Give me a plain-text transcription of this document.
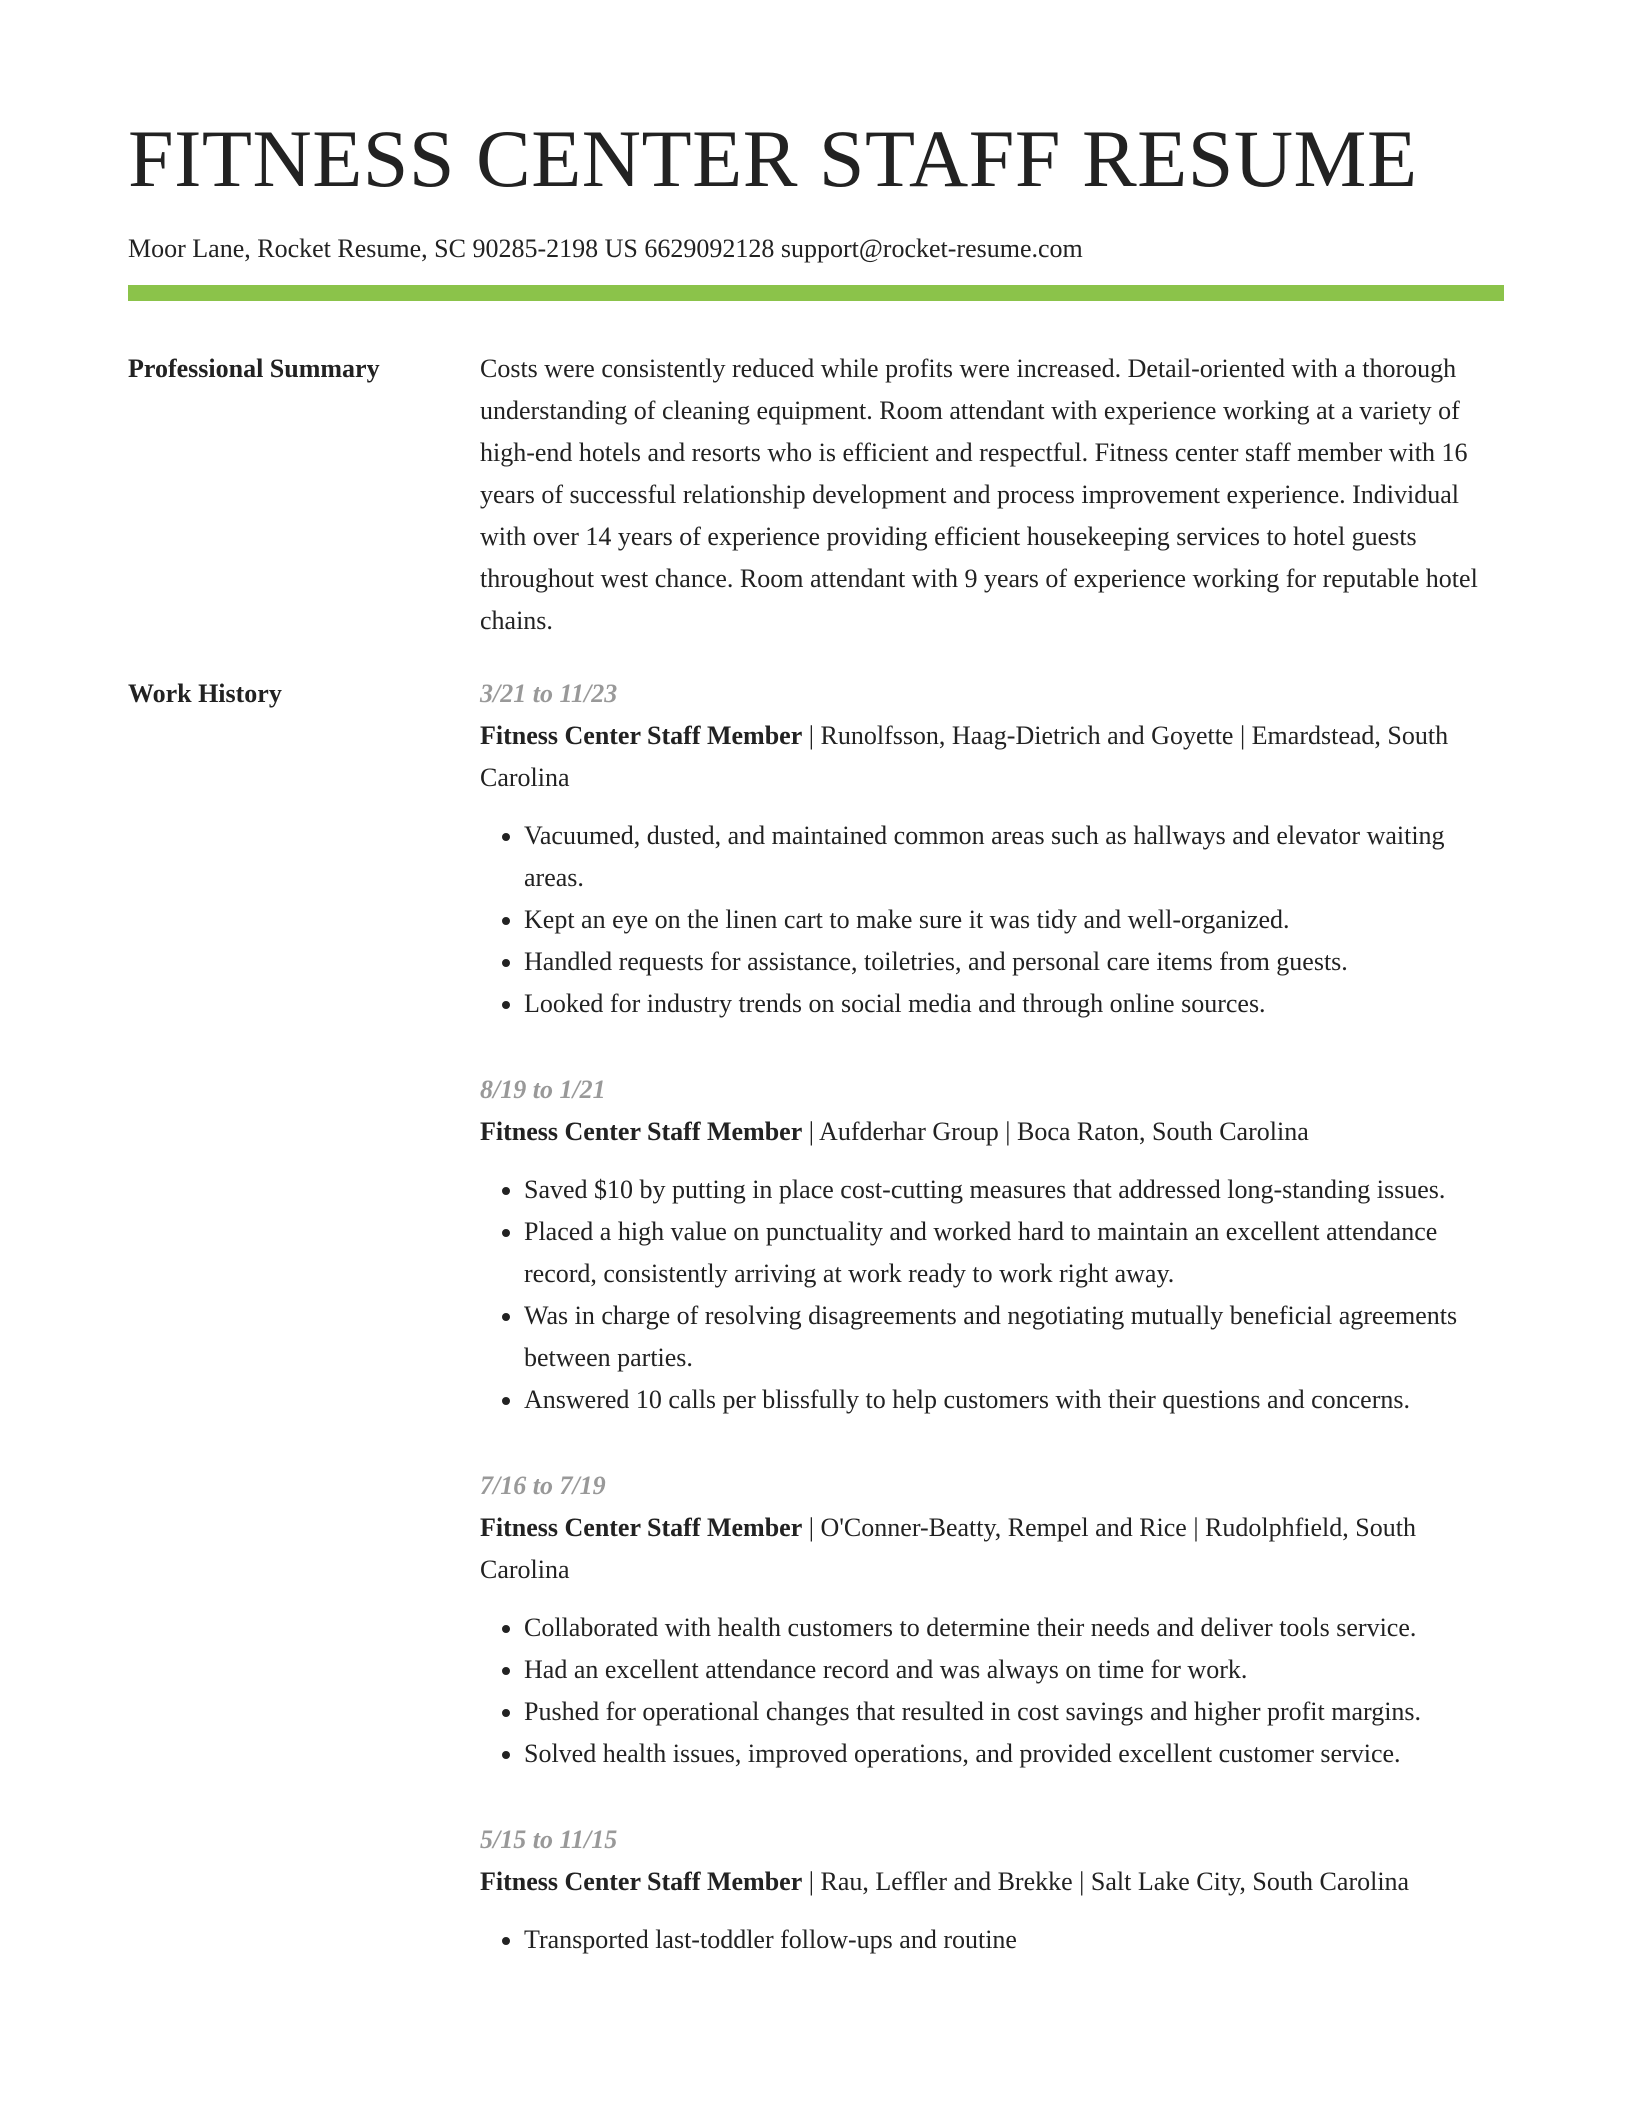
FITNESS CENTER STAFF RESUME
Moor Lane, Rocket Resume, SC 90285-2198 US 6629092128 support@rocket-resume.com
Professional Summary	Costs were consistently reduced while profits were increased. Detail-oriented with a thorough understanding of cleaning equipment. Room attendant with experience working at a variety of high-end hotels and resorts who is efficient and respectful. Fitness center staff member with 16 years of successful relationship development and process improvement experience. Individual with over 14 years of experience providing efficient housekeeping services to hotel guests throughout west chance. Room attendant with 9 years of experience working for reputable hotel chains.

Work History	3/21 to 11/23
Fitness Center Staff Member | Runolfsson, Haag-Dietrich and Goyette | Emardstead, South Carolina
• Vacuumed, dusted, and maintained common areas such as hallways and elevator waiting areas.
• Kept an eye on the linen cart to make sure it was tidy and well-organized.
• Handled requests for assistance, toiletries, and personal care items from guests.
• Looked for industry trends on social media and through online sources.
8/19 to 1/21
Fitness Center Staff Member | Aufderhar Group | Boca Raton, South Carolina
• Saved $10 by putting in place cost-cutting measures that addressed long-standing issues.
• Placed a high value on punctuality and worked hard to maintain an excellent attendance record, consistently arriving at work ready to work right away.
• Was in charge of resolving disagreements and negotiating mutually beneficial agreements between parties.
• Answered 10 calls per blissfully to help customers with their questions and concerns.
7/16 to 7/19
Fitness Center Staff Member | O'Conner-Beatty, Rempel and Rice | Rudolphfield, South Carolina
• Collaborated with health customers to determine their needs and deliver tools service.
• Had an excellent attendance record and was always on time for work.
• Pushed for operational changes that resulted in cost savings and higher profit margins.
• Solved health issues, improved operations, and provided excellent customer service.
5/15 to 11/15
Fitness Center Staff Member | Rau, Leffler and Brekke | Salt Lake City, South Carolina
• Transported last-toddler follow-ups and routine
